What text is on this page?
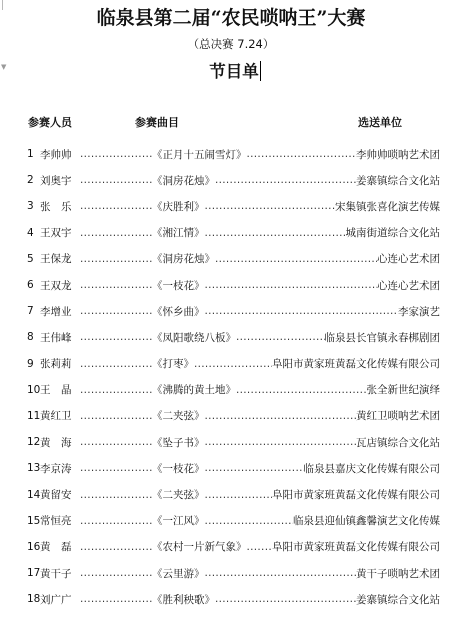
▼
临泉县第二届“农民唢呐王”大赛
（总决赛 7.24）
节目单
参赛人员	参赛曲目	选送单位
1 李帅帅 .....	《正月十五闹雪灯》 .....	李帅帅唢呐艺术团
2 刘奥宇 .....	《洞房花烛》 .....	姜寨镇综合文化站
3 张　乐 .....	《庆胜利》 .....	宋集镇张喜化演艺传媒
4 王双宇 .....	《湘江情》 .....	城南街道综合文化站
5 王保龙 .....	《洞房花烛》 .....	心连心艺术团
6 王双龙 .....	《一枝花》 .....	心连心艺术团
7 李增业 .....	《怀乡曲》 .....	李家演艺
8 王伟峰 .....	《凤阳歌绕八板》 .....	临泉县长官镇永春梆剧团
9 张莉莉 .....	《打枣》 .....	阜阳市黄家班黄磊文化传媒有限公司
10 王　晶 .....	《沸腾的黄土地》 .....	张全新世纪演绎
11 黄红卫 .....	《二夹弦》 .....	黄红卫唢呐艺术团
12 黄　海 .....	《坠子书》 .....	瓦店镇综合文化站
13 李京涛 .....	《一枝花》 .....	临泉县嘉庆文化传媒有限公司
14 黄留安 .....	《二夹弦》 .....	阜阳市黄家班黄磊文化传媒有限公司
15 常恒亮 .....	《一江风》 .....	临泉县迎仙镇鑫馨演艺文化传媒
16 黄　磊 .....	《农村一片新气象》 ..... 阜阳市黄家班黄磊文化传媒有限公司
17 黄干子 .....	《云里游》 .....	黄干子唢呐艺术团
18 刘广广 .....	《胜利秧歌》 .....	姜寨镇综合文化站
